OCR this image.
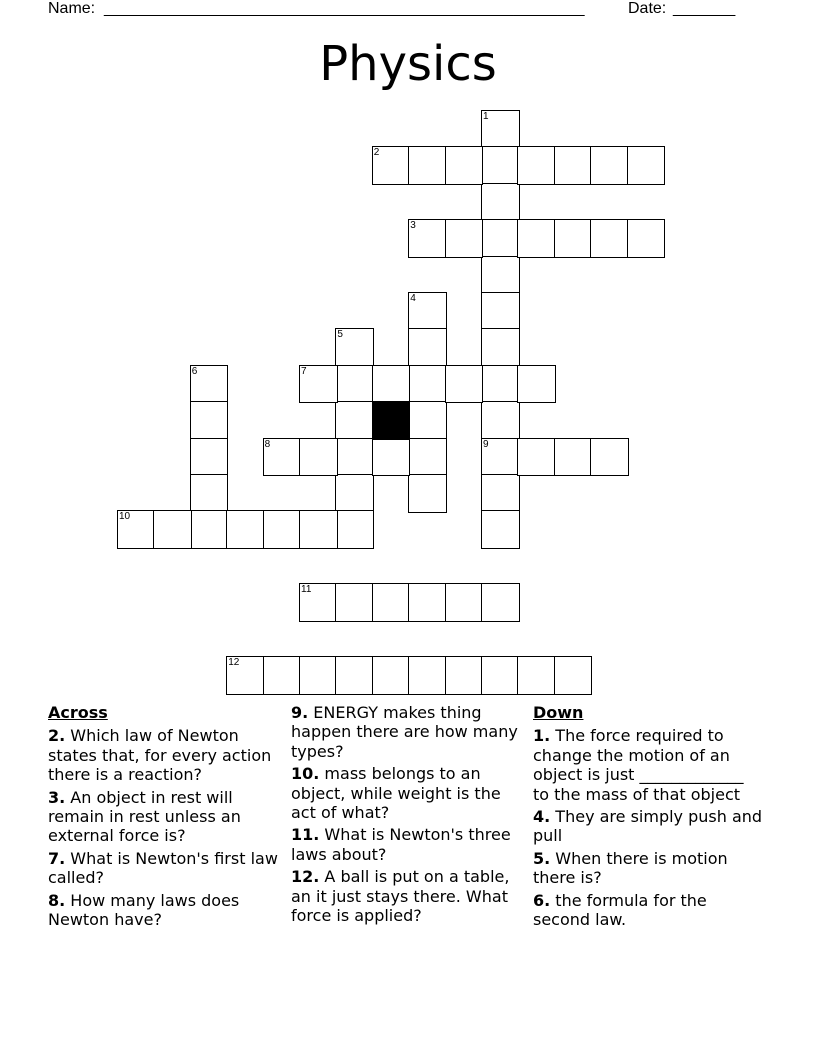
Name: ______________________________________________________	Date: _______
Physics
1
9
2
3
4
5
6	7
8
10
11
12
Across
2. Which law of Newton states that, for every action there is a reaction?
3. An object in rest will remain in rest unless an external force is?
7. What is Newton's first law called?
8. How many laws does Newton have?
9. ENERGY makes thing happen there are how many types?
10. mass belongs to an object, while weight is the act of what?
11. What is Newton's three laws about?
12. A ball is put on a table, an it just stays there. What force is applied?
Down
1. The force required to change the motion of an object is just _____________ to the mass of that object
4. They are simply push and pull
5. When there is motion there is?
6. the formula for the second law.
